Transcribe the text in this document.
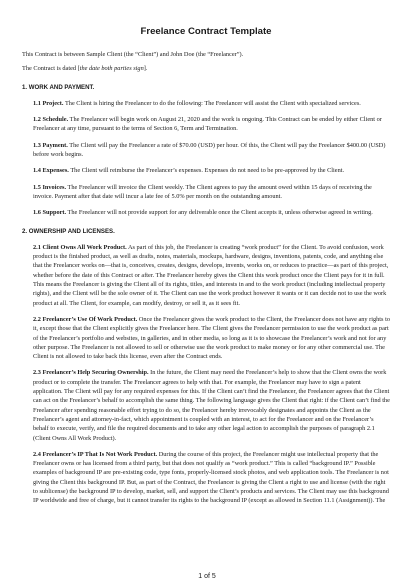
Freelance Contract Template

This Contract is between Sample Client (the “Client”) and John Doe (the “Freelancer”).

The Contract is dated [the date both parties sign].

1. WORK AND PAYMENT.

1.1 Project. The Client is hiring the Freelancer to do the following: The Freelancer will assist the Client with specialized services.

1.2 Schedule. The Freelancer will begin work on August 21, 2020 and the work is ongoing. This Contract can be ended by either Client or Freelancer at any time, pursuant to the terms of Section 6, Term and Termination.

1.3 Payment. The Client will pay the Freelancer a rate of $70.00 (USD) per hour. Of this, the Client will pay the Freelancer $400.00 (USD) before work begins.

1.4 Expenses. The Client will reimburse the Freelancer’s expenses. Expenses do not need to be pre-approved by the Client.

1.5 Invoices. The Freelancer will invoice the Client weekly. The Client agrees to pay the amount owed within 15 days of receiving the invoice. Payment after that date will incur a late fee of 5.0% per month on the outstanding amount.

1.6 Support. The Freelancer will not provide support for any deliverable once the Client accepts it, unless otherwise agreed in writing.

2. OWNERSHIP AND LICENSES.

2.1 Client Owns All Work Product. As part of this job, the Freelancer is creating “work product” for the Client. To avoid confusion, work product is the finished product, as well as drafts, notes, materials, mockups, hardware, designs, inventions, patents, code, and anything else that the Freelancer works on—that is, conceives, creates, designs, develops, invents, works on, or reduces to practice—as part of this project, whether before the date of this Contract or after. The Freelancer hereby gives the Client this work product once the Client pays for it in full. This means the Freelancer is giving the Client all of its rights, titles, and interests in and to the work product (including intellectual property rights), and the Client will be the sole owner of it. The Client can use the work product however it wants or it can decide not to use the work product at all. The Client, for example, can modify, destroy, or sell it, as it sees fit.

2.2 Freelancer’s Use Of Work Product. Once the Freelancer gives the work product to the Client, the Freelancer does not have any rights to it, except those that the Client explicitly gives the Freelancer here. The Client gives the Freelancer permission to use the work product as part of the Freelancer’s portfolio and websites, in galleries, and in other media, so long as it is to showcase the Freelancer’s work and not for any other purpose. The Freelancer is not allowed to sell or otherwise use the work product to make money or for any other commercial use. The Client is not allowed to take back this license, even after the Contract ends.

2.3 Freelancer’s Help Securing Ownership. In the future, the Client may need the Freelancer’s help to show that the Client owns the work product or to complete the transfer. The Freelancer agrees to help with that. For example, the Freelancer may have to sign a patent application. The Client will pay for any required expenses for this. If the Client can’t find the Freelancer, the Freelancer agrees that the Client can act on the Freelancer’s behalf to accomplish the same thing. The following language gives the Client that right: if the Client can’t find the Freelancer after spending reasonable effort trying to do so, the Freelancer hereby irrevocably designates and appoints the Client as the Freelancer’s agent and attorney-in-fact, which appointment is coupled with an interest, to act for the Freelancer and on the Freelancer’s behalf to execute, verify, and file the required documents and to take any other legal action to accomplish the purposes of paragraph 2.1 (Client Owns All Work Product).

2.4 Freelancer’s IP That Is Not Work Product. During the course of this project, the Freelancer might use intellectual property that the Freelancer owns or has licensed from a third party, but that does not qualify as “work product.” This is called “background IP.” Possible examples of background IP are pre-existing code, type fonts, properly-licensed stock photos, and web application tools. The Freelancer is not giving the Client this background IP. But, as part of the Contract, the Freelancer is giving the Client a right to use and license (with the right to sublicense) the background IP to develop, market, sell, and support the Client’s products and services. The Client may use this background IP worldwide and free of charge, but it cannot transfer its rights to the background IP (except as allowed in Section 11.1 (Assignment)). The

1 of 5
